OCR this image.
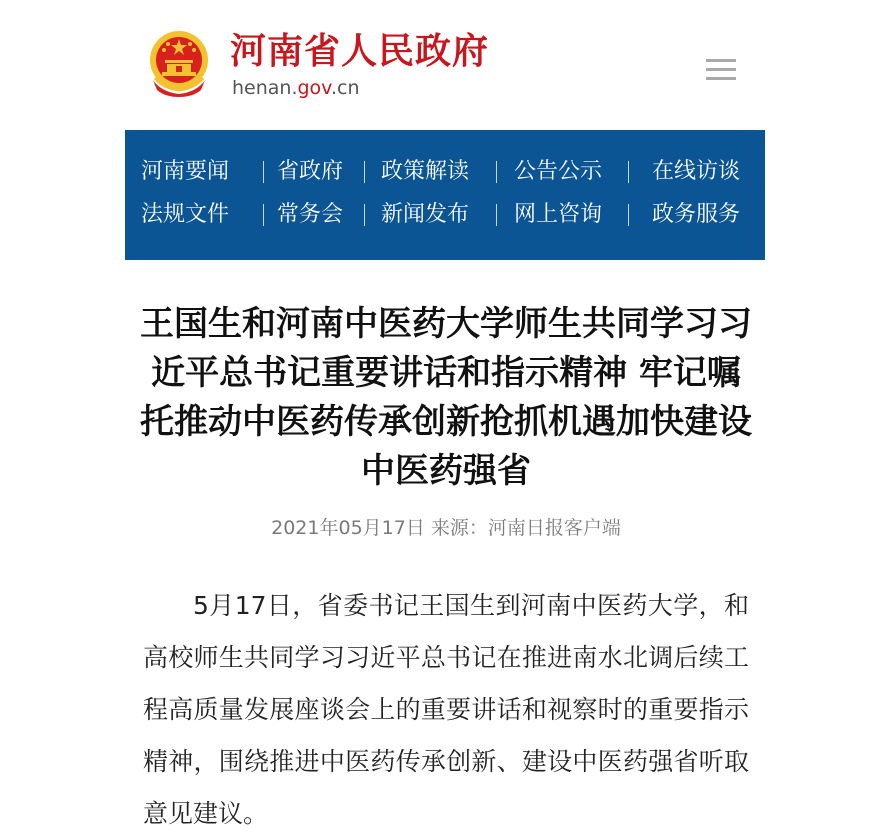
河南省人民政府
henan.gov.cn
河南要闻 省政府 政策解读 公告公示 在线访谈
法规文件 常务会 新闻发布 网上咨询 政务服务
王国生和河南中医药大学师生共同学习习近平总书记重要讲话和指示精神 牢记嘱托推动中医药传承创新抢抓机遇加快建设中医药强省
2021年05月17日 来源：河南日报客户端
5月17日，省委书记王国生到河南中医药大学，和高校师生共同学习习近平总书记在推进南水北调后续工程高质量发展座谈会上的重要讲话和视察时的重要指示精神，围绕推进中医药传承创新、建设中医药强省听取意见建议。
